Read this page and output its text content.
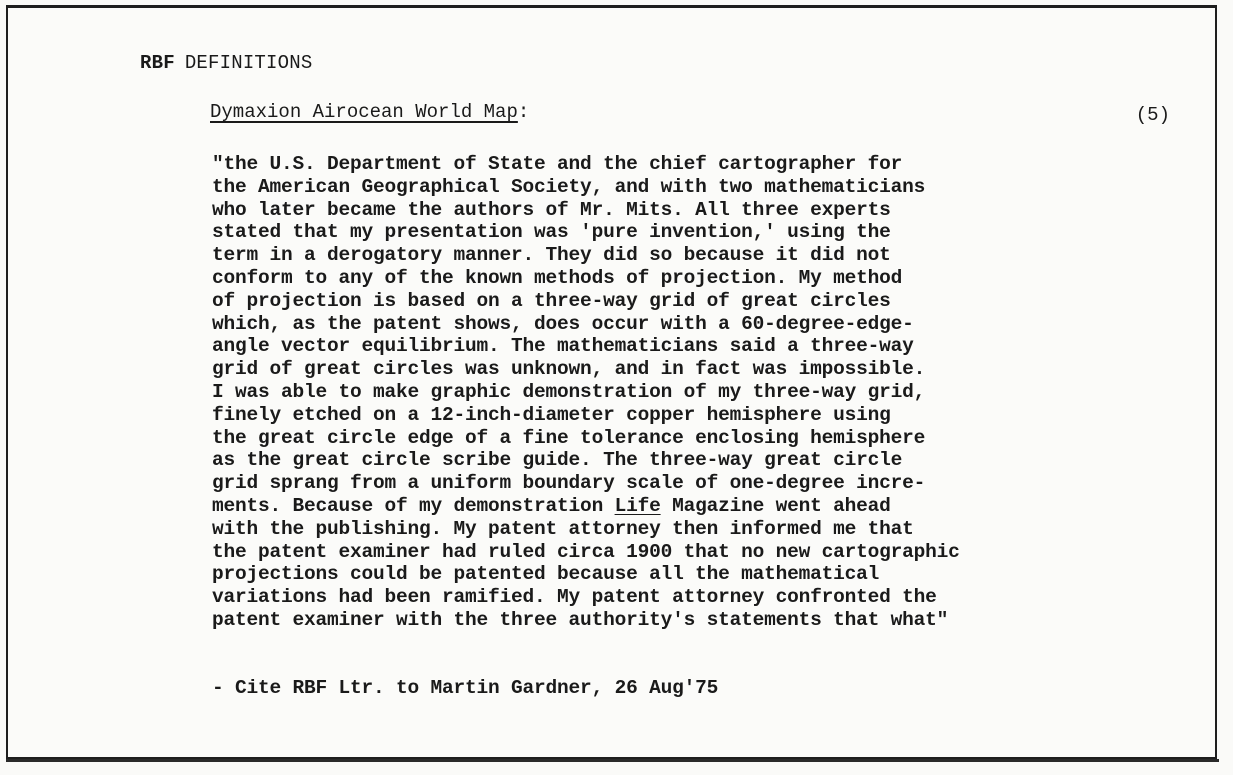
RBF DEFINITIONS
Dymaxion Airocean World Map:	(5)
"the U.S. Department of State and the chief cartographer for
the American Geographical Society, and with two mathematicians
who later became the authors of Mr. Mits. All three experts
stated that my presentation was 'pure invention,' using the
term in a derogatory manner. They did so because it did not
conform to any of the known methods of projection. My method
of projection is based on a three-way grid of great circles
which, as the patent shows, does occur with a 60-degree-edge-
angle vector equilibrium. The mathematicians said a three-way
grid of great circles was unknown, and in fact was impossible.
I was able to make graphic demonstration of my three-way grid,
finely etched on a 12-inch-diameter copper hemisphere using
the great circle edge of a fine tolerance enclosing hemisphere
as the great circle scribe guide. The three-way great circle
grid sprang from a uniform boundary scale of one-degree incre-
ments. Because of my demonstration Life Magazine went ahead
with the publishing. My patent attorney then informed me that
the patent examiner had ruled circa 1900 that no new cartographic
projections could be patented because all the mathematical
variations had been ramified. My patent attorney confronted the
patent examiner with the three authority's statements that what"
- Cite RBF Ltr. to Martin Gardner, 26 Aug'75
